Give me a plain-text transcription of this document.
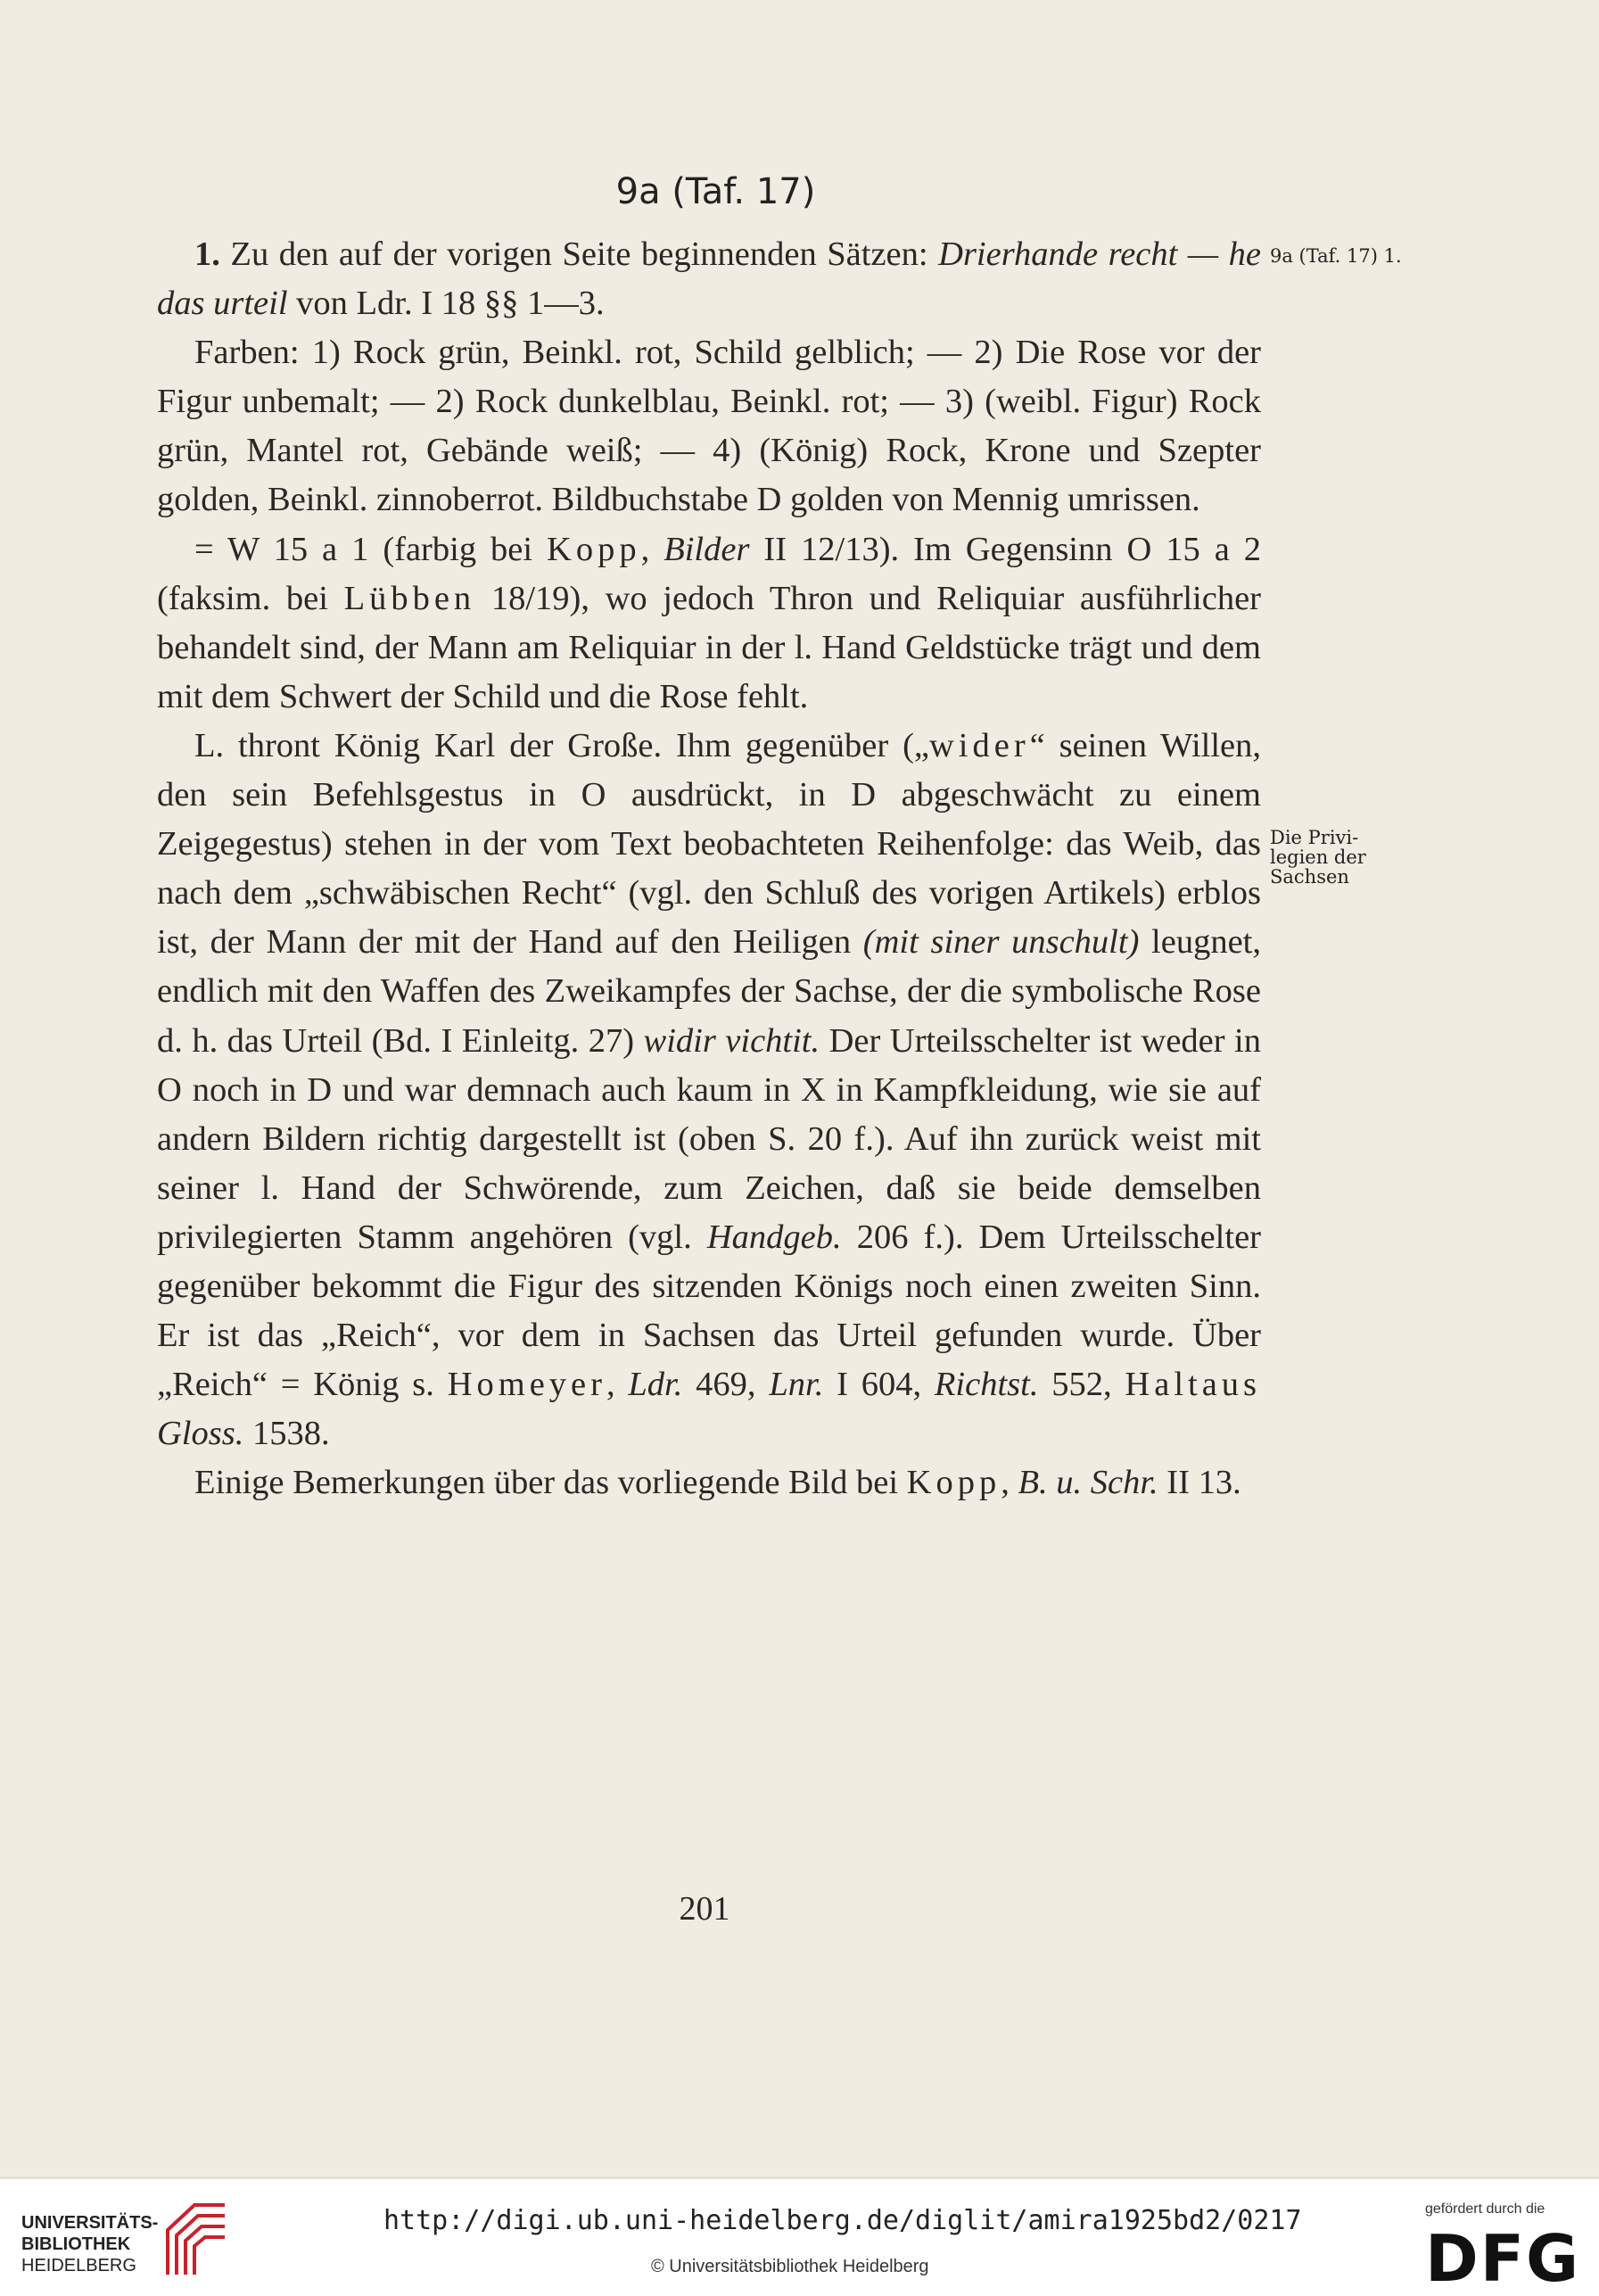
9a (Taf. 17)
9a (Taf. 17) 1.
Die Privi-
legien der
Sachsen

1. Zu den auf der vorigen Seite beginnenden Sätzen: Drierhande recht — he das urteil von Ldr. I 18 §§ 1—3.

Farben: 1) Rock grün, Beinkl. rot, Schild gelblich; — 2) Die Rose vor der Figur unbemalt; — 2) Rock dunkelblau, Beinkl. rot; — 3) (weibl. Figur) Rock grün, Mantel rot, Gebände weiß; — 4) (König) Rock, Krone und Szepter golden, Beinkl. zinnoberrot. Bildbuchstabe D golden von Mennig umrissen.

= W 15 a 1 (farbig bei Kopp, Bilder II 12/13). Im Gegensinn O 15 a 2 (faksim. bei Lübben 18/19), wo jedoch Thron und Reliquiar ausführlicher behandelt sind, der Mann am Reliquiar in der l. Hand Geldstücke trägt und dem mit dem Schwert der Schild und die Rose fehlt.

L. thront König Karl der Große. Ihm gegenüber („wider“ seinen Willen, den sein Befehlsgestus in O ausdrückt, in D abgeschwächt zu einem Zeigegestus) stehen in der vom Text beobachteten Reihenfolge: das Weib, das nach dem „schwäbischen Recht“ (vgl. den Schluß des vorigen Artikels) erblos ist, der Mann der mit der Hand auf den Heiligen (mit siner unschult) leugnet, endlich mit den Waffen des Zweikampfes der Sachse, der die symbolische Rose d. h. das Urteil (Bd. I Einleitg. 27) widir vichtit. Der Urteilsschelter ist weder in O noch in D und war demnach auch kaum in X in Kampfkleidung, wie sie auf andern Bildern richtig dargestellt ist (oben S. 20 f.). Auf ihn zurück weist mit seiner l. Hand der Schwörende, zum Zeichen, daß sie beide demselben privilegierten Stamm angehören (vgl. Handgeb. 206 f.). Dem Urteilsschelter gegenüber bekommt die Figur des sitzenden Königs noch einen zweiten Sinn. Er ist das „Reich“, vor dem in Sachsen das Urteil gefunden wurde. Über „Reich“ = König s. Homeyer, Ldr. 469, Lnr. I 604, Richtst. 552, Haltaus Gloss. 1538.

Einige Bemerkungen über das vorliegende Bild bei Kopp, B. u. Schr. II 13.

201
UNIVERSITÄTS-
BIBLIOTHEK
HEIDELBERG
http://digi.ub.uni-heidelberg.de/diglit/amira1925bd2/0217
© Universitätsbibliothek Heidelberg
gefördert durch die
DFG
